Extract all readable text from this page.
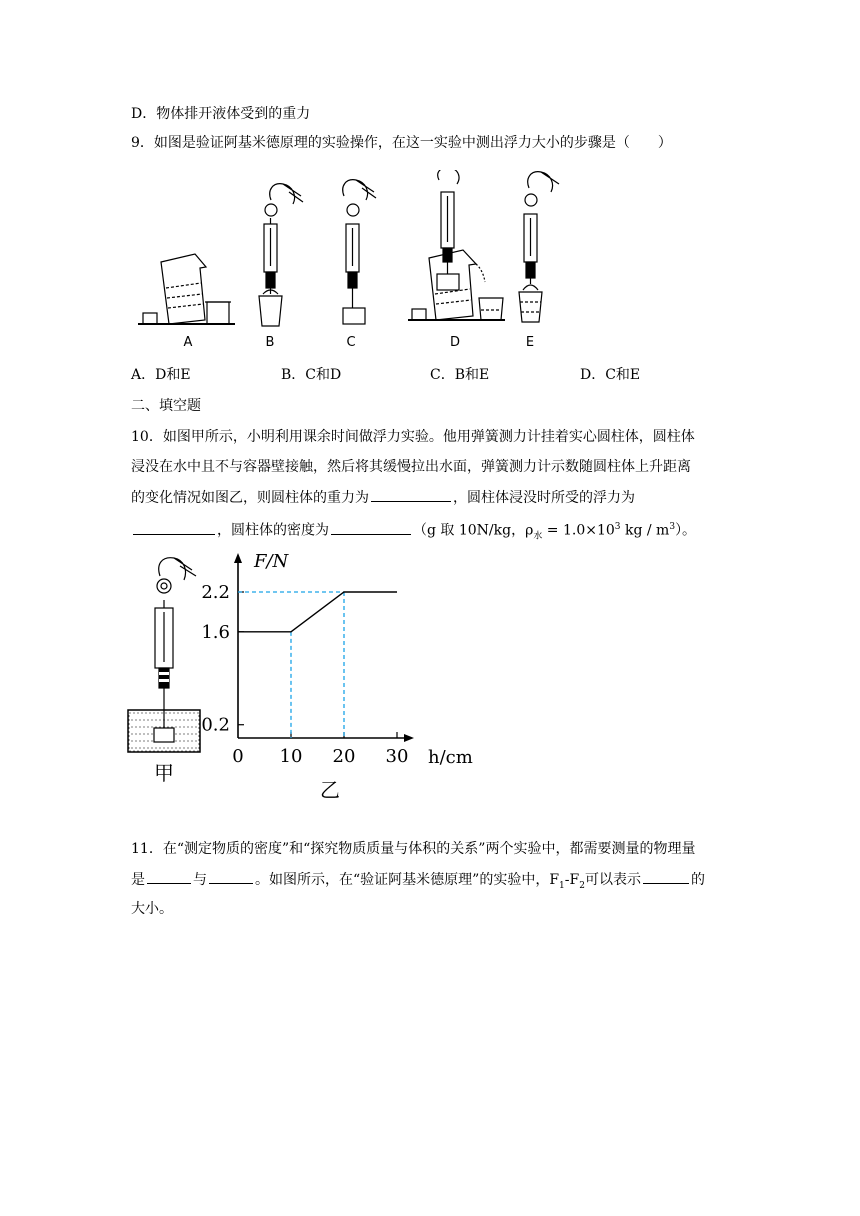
D．物体排开液体受到的重力
9．如图是验证阿基米德原理的实验操作，在这一实验中测出浮力大小的步骤是（　　）
A	B	C	D	E
A．D和E	B．C和D	C．B和E	D．C和E
二、填空题
10．如图甲所示，小明利用课余时间做浮力实验。他用弹簧测力计挂着实心圆柱体，圆柱体
浸没在水中且不与容器壁接触，然后将其缓慢拉出水面，弹簧测力计示数随圆柱体上升距离
的变化情况如图乙，则圆柱体的重力为	，圆柱体浸没时所受的浮力为
，圆柱体的密度为	（g 取 10N/kg，$\rho_水 = 1.0\times 10^3$ kg / $m^3$）。
甲
F/N
h/cm
0 10 20 30
0.2
1.6
2.2
乙
11．在“测定物质的密度”和“探究物质质量与体积的关系”两个实验中，都需要测量的物理量
是	与	。如图所示，在“验证阿基米德原理”的实验中，$F_1-F_2$可以表示	的
大小。
